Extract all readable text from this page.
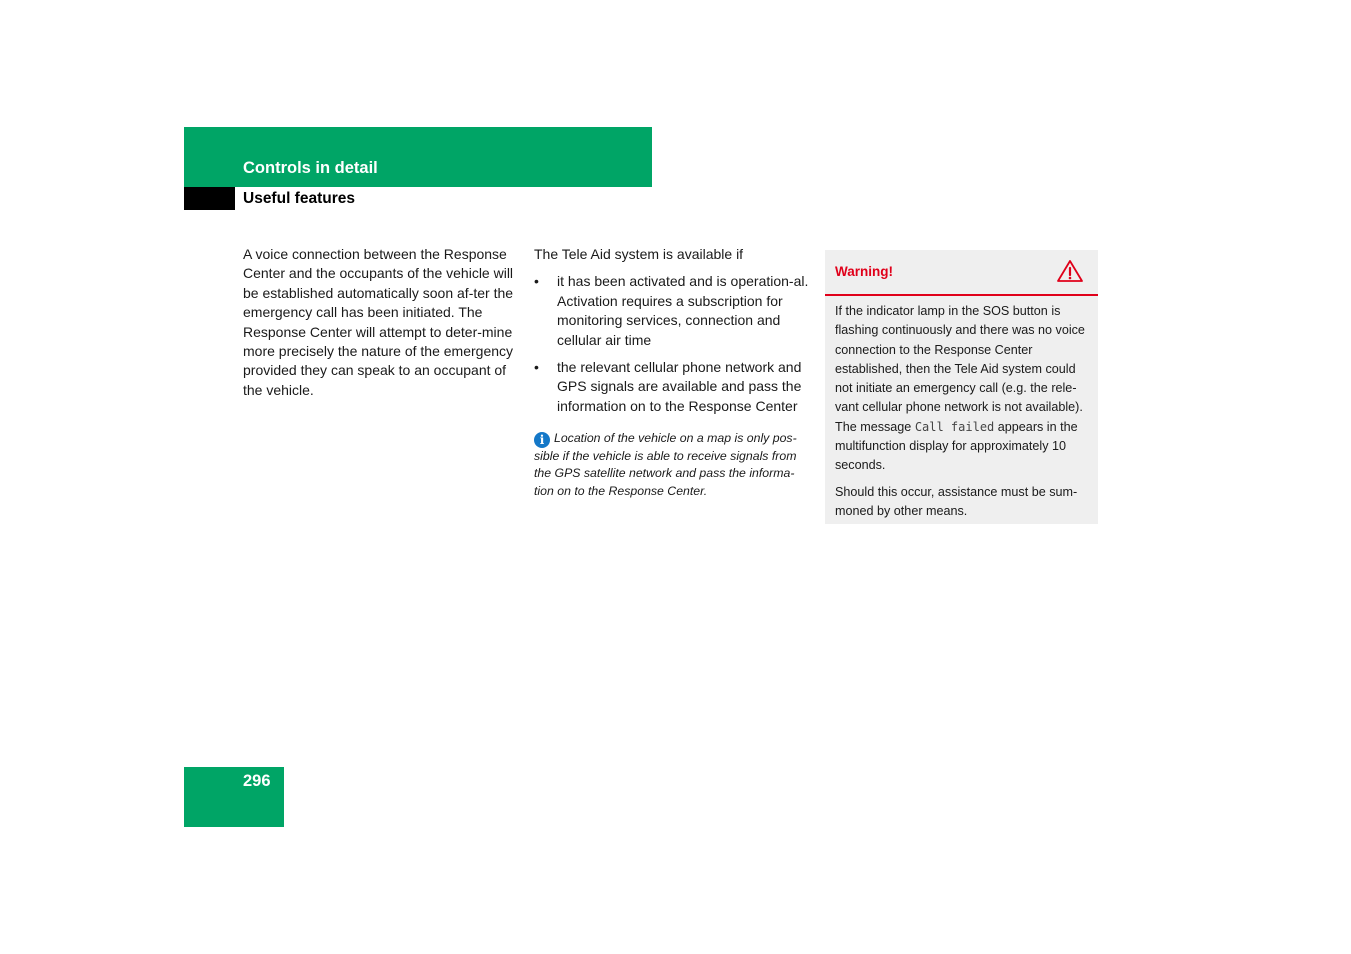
Controls in detail
Useful features

A voice connection between the Response Center and the occupants of the vehicle will be established automatically soon af-ter the emergency call has been initiated. The Response Center will attempt to deter-mine more precisely the nature of the emergency provided they can speak to an occupant of the vehicle.

The Tele Aid system is available if

• it has been activated and is operation-al. Activation requires a subscription for monitoring services, connection and cellular air time
• the relevant cellular phone network and GPS signals are available and pass the information on to the Response Center
i Location of the vehicle on a map is only pos-sible if the vehicle is able to receive signals from the GPS satellite network and pass the informa-tion on to the Response Center.
Warning!

If the indicator lamp in the SOS button is flashing continuously and there was no voice connection to the Response Center established, then the Tele Aid system could not initiate an emergency call (e.g. the rele-vant cellular phone network is not available). The message Call failed appears in the multifunction display for approximately 10 seconds.

Should this occur, assistance must be sum-moned by other means.

296
